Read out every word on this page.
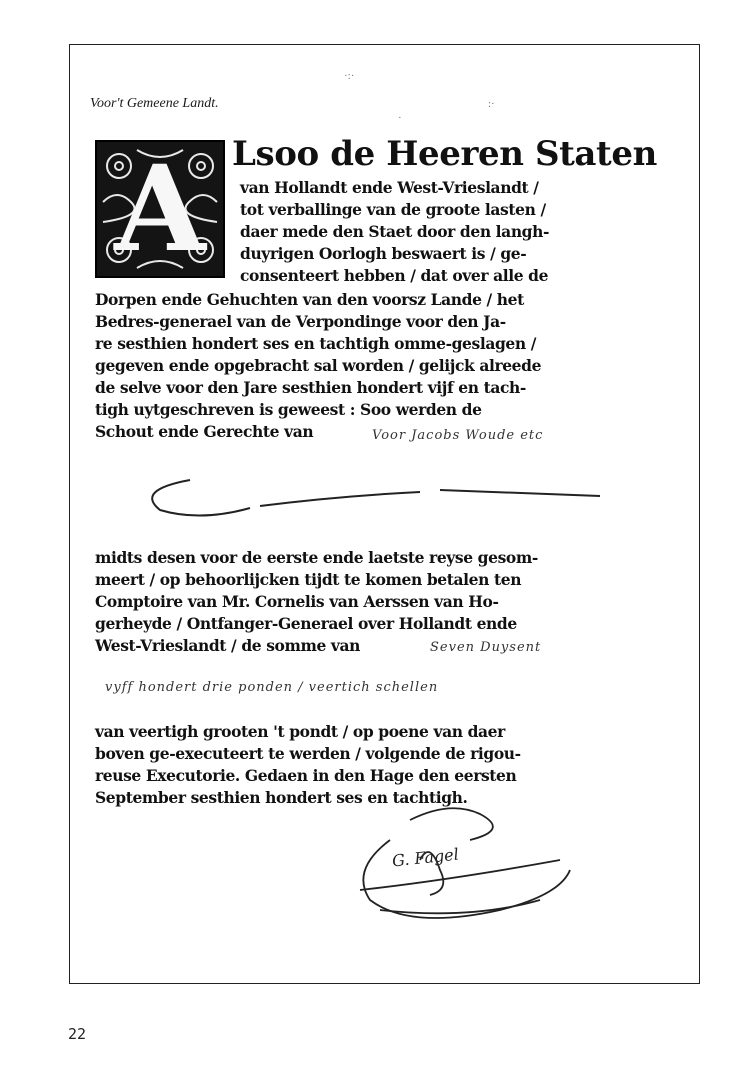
Voor't Gemeene Landt.
·:·
:·
·
A Lsoo de Heeren Staten
van Hollandt ende West-Vrieslandt /
tot verballinge van de groote lasten /
daer mede den Staet door den langh-
duyrigen Oorlogh beswaert is / ge-
consenteert hebben / dat over alle de
Dorpen ende Gehuchten van den voorsz Lande / het
Bedres-generael van de Verpondinge voor den Ja-
re sesthien hondert ses en tachtigh omme-geslagen /
gegeven ende opgebracht sal worden / gelijck alreede
de selve voor den Jare sesthien hondert vijf en tach-
tigh uytgeschreven is geweest : Soo werden de
Schout ende Gerechte van	Voor Jacobs Woude etc
midts desen voor de eerste ende laetste reyse gesom-
meert / op behoorlijcken tijdt te komen betalen ten
Comptoire van Mr. Cornelis van Aerssen van Ho-
gerheyde / Ontfanger-Generael over Hollandt ende
West-Vrieslandt / de somme van	Seven Duysent
vyff hondert drie ponden / veertich schellen
van veertigh grooten 't pondt / op poene van daer
boven ge-executeert te werden / volgende de rigou-
reuse Executorie. Gedaen in den Hage den eersten
September sesthien hondert ses en tachtigh.
G. Fagel
22
